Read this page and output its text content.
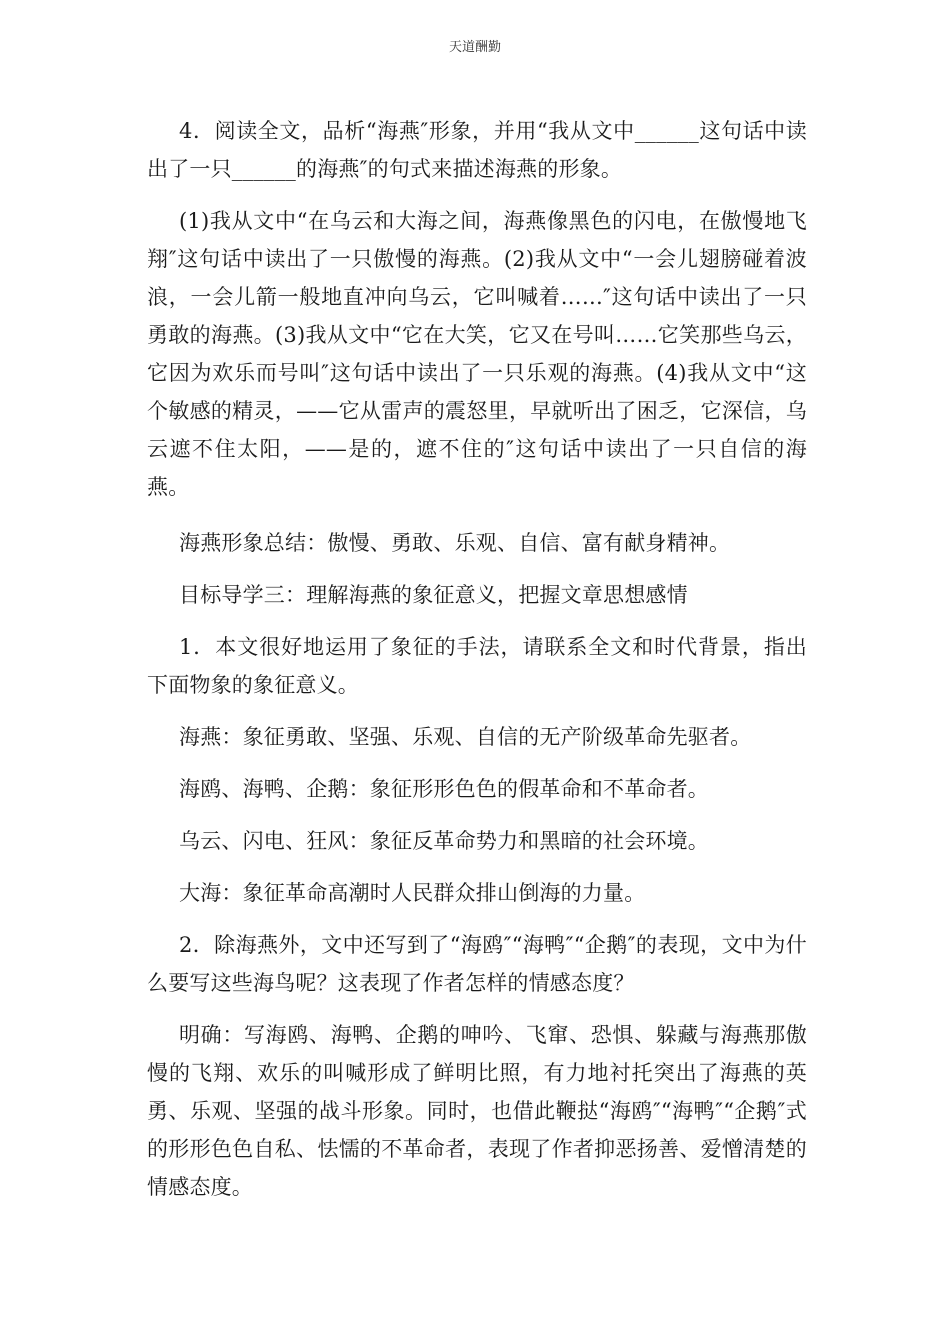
天道酬勤

4．阅读全文，品析“海燕″形象，并用“我从文中______这句话中读出了一只______的海燕″的句式来描述海燕的形象。

(1)我从文中“在乌云和大海之间，海燕像黑色的闪电，在傲慢地飞翔″这句话中读出了一只傲慢的海燕。(2)我从文中“一会儿翅膀碰着波浪，一会儿箭一般地直冲向乌云，它叫喊着……″这句话中读出了一只勇敢的海燕。(3)我从文中“它在大笑，它又在号叫……它笑那些乌云，它因为欢乐而号叫″这句话中读出了一只乐观的海燕。(4)我从文中“这个敏感的精灵，——它从雷声的震怒里，早就听出了困乏，它深信，乌云遮不住太阳，——是的，遮不住的″这句话中读出了一只自信的海燕。

海燕形象总结：傲慢、勇敢、乐观、自信、富有献身精神。

目标导学三：理解海燕的象征意义，把握文章思想感情

1．本文很好地运用了象征的手法，请联系全文和时代背景，指出下面物象的象征意义。

海燕：象征勇敢、坚强、乐观、自信的无产阶级革命先驱者。

海鸥、海鸭、企鹅：象征形形色色的假革命和不革命者。

乌云、闪电、狂风：象征反革命势力和黑暗的社会环境。

大海：象征革命高潮时人民群众排山倒海的力量。

2．除海燕外，文中还写到了“海鸥″“海鸭″“企鹅″的表现，文中为什么要写这些海鸟呢？这表现了作者怎样的情感态度？

明确：写海鸥、海鸭、企鹅的呻吟、飞窜、恐惧、躲藏与海燕那傲慢的飞翔、欢乐的叫喊形成了鲜明比照，有力地衬托突出了海燕的英勇、乐观、坚强的战斗形象。同时，也借此鞭挞“海鸥″“海鸭″“企鹅″式的形形色色自私、怯懦的不革命者，表现了作者抑恶扬善、爱憎清楚的情感态度。
